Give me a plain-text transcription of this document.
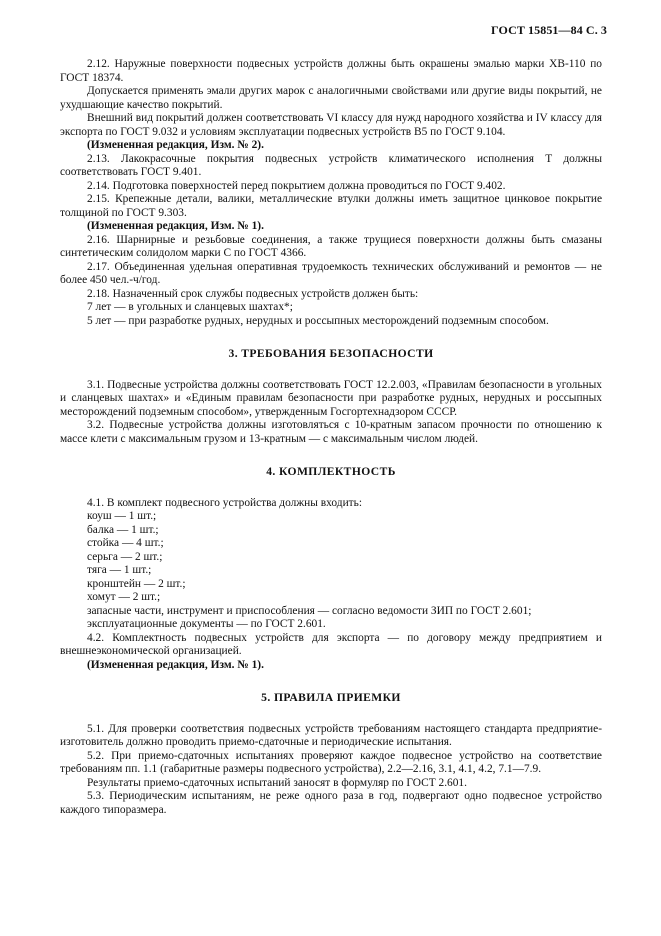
ГОСТ 15851—84 С. 3

2.12. Наружные поверхности подвесных устройств должны быть окрашены эмалью марки ХВ-110 по ГОСТ 18374.

Допускается применять эмали других марок с аналогичными свойствами или другие виды покрытий, не ухудшающие качество покрытий.

Внешний вид покрытий должен соответствовать VI классу для нужд народного хозяйства и IV классу для экспорта по ГОСТ 9.032 и условиям эксплуатации подвесных устройств В5 по ГОСТ 9.104.

(Измененная редакция, Изм. № 2).

2.13. Лакокрасочные покрытия подвесных устройств климатического исполнения Т должны соответствовать ГОСТ 9.401.

2.14. Подготовка поверхностей перед покрытием должна проводиться по ГОСТ 9.402.

2.15. Крепежные детали, валики, металлические втулки должны иметь защитное цинковое покрытие толщиной по ГОСТ 9.303.

(Измененная редакция, Изм. № 1).

2.16. Шарнирные и резьбовые соединения, а также трущиеся поверхности должны быть смазаны синтетическим солидолом марки С по ГОСТ 4366.

2.17. Объединенная удельная оперативная трудоемкость технических обслуживаний и ремонтов — не более 450 чел.-ч/год.

2.18. Назначенный срок службы подвесных устройств должен быть:

7 лет — в угольных и сланцевых шахтах*;

5 лет — при разработке рудных, нерудных и россыпных месторождений подземным способом.

3. ТРЕБОВАНИЯ БЕЗОПАСНОСТИ

3.1. Подвесные устройства должны соответствовать ГОСТ 12.2.003, «Правилам безопасности в угольных и сланцевых шахтах» и «Единым правилам безопасности при разработке рудных, нерудных и россыпных месторождений подземным способом», утвержденным Госгортехнадзором СССР.

3.2. Подвесные устройства должны изготовляться с 10-кратным запасом прочности по отношению к массе клети с максимальным грузом и 13-кратным — с максимальным числом людей.

4. КОМПЛЕКТНОСТЬ

4.1. В комплект подвесного устройства должны входить:

коуш — 1 шт.;

балка — 1 шт.;

стойка — 4 шт.;

серьга — 2 шт.;

тяга — 1 шт.;

кронштейн — 2 шт.;

хомут — 2 шт.;

запасные части, инструмент и приспособления — согласно ведомости ЗИП по ГОСТ 2.601;

эксплуатационные документы — по ГОСТ 2.601.

4.2. Комплектность подвесных устройств для экспорта — по договору между предприятием и внешнеэкономической организацией.

(Измененная редакция, Изм. № 1).

5. ПРАВИЛА ПРИЕМКИ

5.1. Для проверки соответствия подвесных устройств требованиям настоящего стандарта предприятие-изготовитель должно проводить приемо-сдаточные и периодические испытания.

5.2. При приемо-сдаточных испытаниях проверяют каждое подвесное устройство на соответствие требованиям пп. 1.1 (габаритные размеры подвесного устройства), 2.2—2.16, 3.1, 4.1, 4.2, 7.1—7.9.

Результаты приемо-сдаточных испытаний заносят в формуляр по ГОСТ 2.601.

5.3. Периодическим испытаниям, не реже одного раза в год, подвергают одно подвесное устройство каждого типоразмера.
